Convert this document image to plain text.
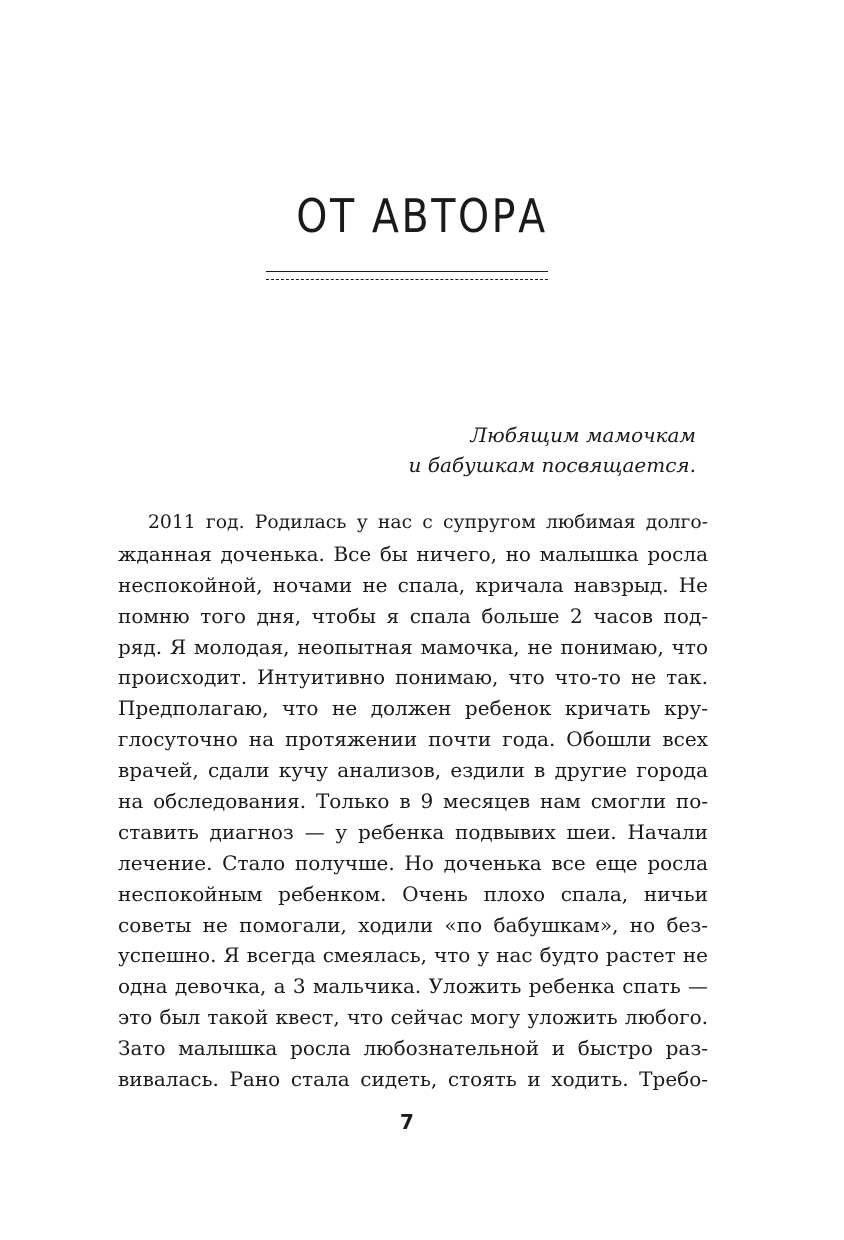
ОТ АВТОРА
Любящим мамочкам
и бабушкам посвящается.
2011 год. Родилась у нас с супругом любимая долго-
жданная доченька. Все бы ничего, но малышка росла
неспокойной, ночами не спала, кричала навзрыд. Не
помню того дня, чтобы я спала больше 2 часов под-
ряд. Я молодая, неопытная мамочка, не понимаю, что
происходит. Интуитивно понимаю, что что-то не так.
Предполагаю, что не должен ребенок кричать кру-
глосуточно на протяжении почти года. Обошли всех
врачей, сдали кучу анализов, ездили в другие города
на обследования. Только в 9 месяцев нам смогли по-
ставить диагноз — у ребенка подвывих шеи. Начали
лечение. Стало получше. Но доченька все еще росла
неспокойным ребенком. Очень плохо спала, ничьи
советы не помогали, ходили «по бабушкам», но без-
успешно. Я всегда смеялась, что у нас будто растет не
одна девочка, а 3 мальчика. Уложить ребенка спать —
это был такой квест, что сейчас могу уложить любого.
Зато малышка росла любознательной и быстро раз-
вивалась. Рано стала сидеть, стоять и ходить. Требо-
7
